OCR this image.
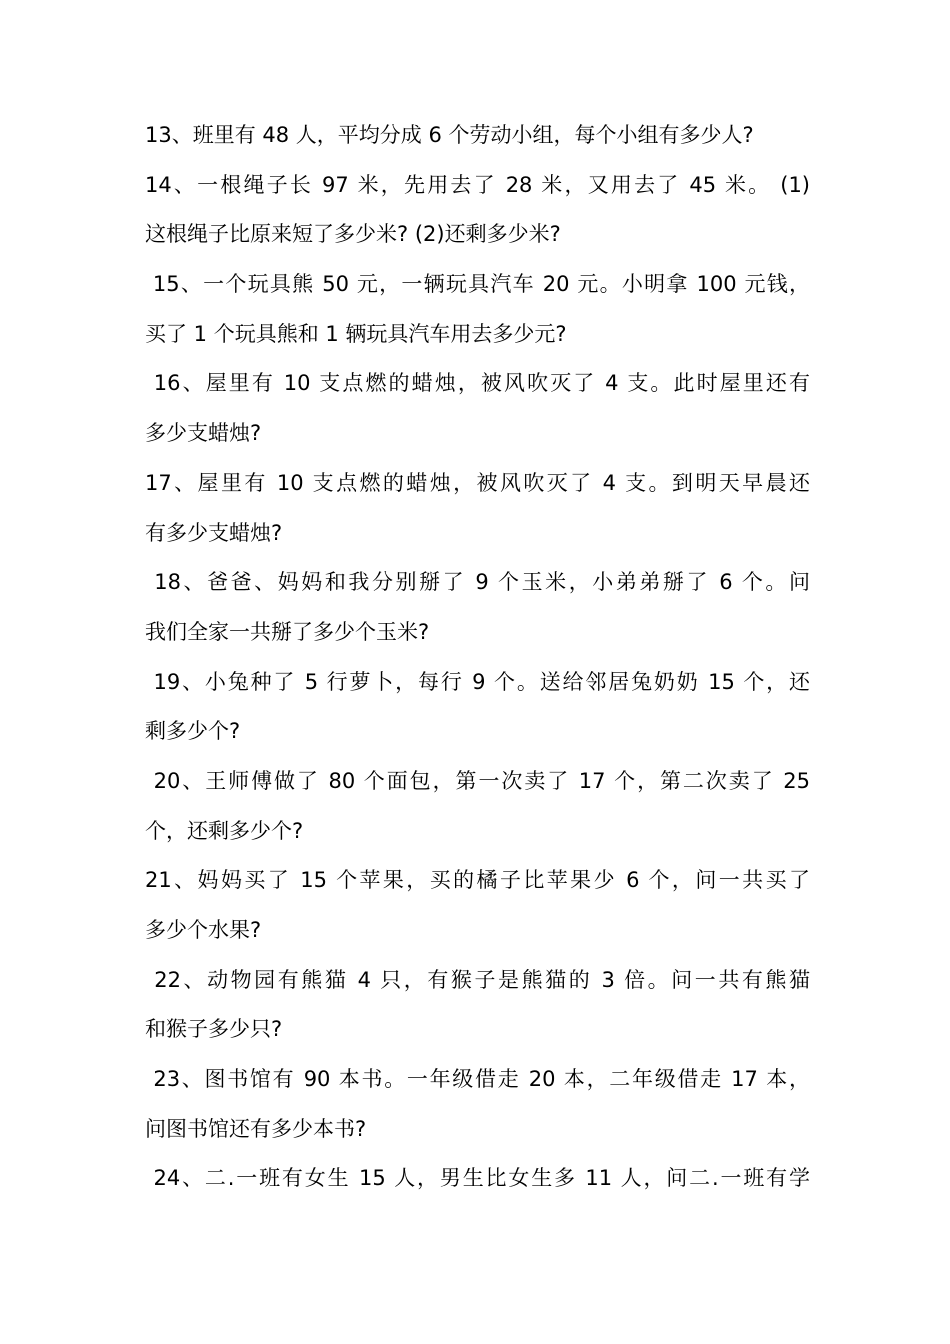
13、班里有 48 人，平均分成 6 个劳动小组，每个小组有多少人?
14、一根绳子长 97 米，先用去了 28 米，又用去了 45 米。 (1)
这根绳子比原来短了多少米? (2)还剩多少米?
15、一个玩具熊 50 元，一辆玩具汽车 20 元。小明拿 100 元钱，
买了 1 个玩具熊和 1 辆玩具汽车用去多少元?
16、屋里有 10 支点燃的蜡烛，被风吹灭了 4 支。此时屋里还有
多少支蜡烛?
17、屋里有 10 支点燃的蜡烛，被风吹灭了 4 支。到明天早晨还
有多少支蜡烛?
18、爸爸、妈妈和我分别掰了 9 个玉米，小弟弟掰了 6 个。问
我们全家一共掰了多少个玉米?
19、小兔种了 5 行萝卜，每行 9 个。送给邻居兔奶奶 15 个，还
剩多少个?
20、王师傅做了 80 个面包，第一次卖了 17 个，第二次卖了 25
个，还剩多少个?
21、妈妈买了 15 个苹果，买的橘子比苹果少 6 个，问一共买了
多少个水果?
22、动物园有熊猫 4 只，有猴子是熊猫的 3 倍。问一共有熊猫
和猴子多少只?
23、图书馆有 90 本书。一年级借走 20 本，二年级借走 17 本，
问图书馆还有多少本书?
24、二.一班有女生 15 人，男生比女生多 11 人，问二.一班有学
